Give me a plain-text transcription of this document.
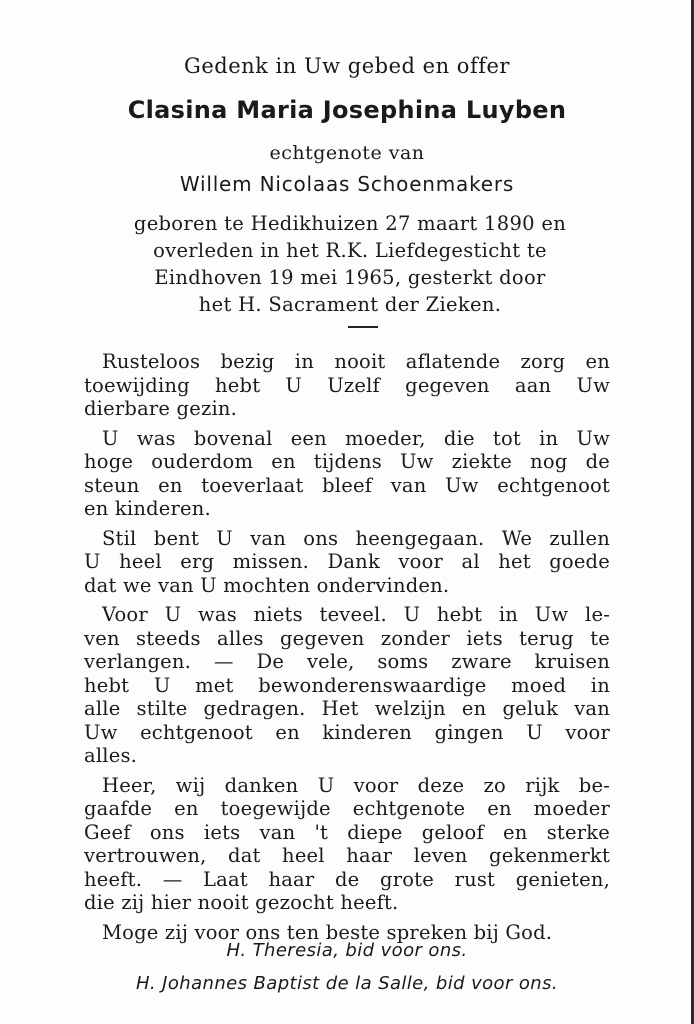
Gedenk in Uw gebed en offer
Clasina Maria Josephina Luyben
echtgenote van
Willem Nicolaas Schoenmakers
geboren te Hedikhuizen 27 maart 1890 en
overleden in het R.K. Liefdegesticht te
Eindhoven 19 mei 1965, gesterkt door
het H. Sacrament der Zieken.
Rusteloos bezig in nooit aflatende zorg en
toewijding hebt U Uzelf gegeven aan Uw
dierbare gezin.
U was bovenal een moeder, die tot in Uw
hoge ouderdom en tijdens Uw ziekte nog de
steun en toeverlaat bleef van Uw echtgenoot
en kinderen.
Stil bent U van ons heengegaan. We zullen
U heel erg missen. Dank voor al het goede
dat we van U mochten ondervinden.
Voor U was niets teveel. U hebt in Uw le-
ven steeds alles gegeven zonder iets terug te
verlangen. — De vele, soms zware kruisen
hebt U met bewonderenswaardige moed in
alle stilte gedragen. Het welzijn en geluk van
Uw echtgenoot en kinderen gingen U voor
alles.
Heer, wij danken U voor deze zo rijk be-
gaafde en toegewijde echtgenote en moeder
Geef ons iets van 't diepe geloof en sterke
vertrouwen, dat heel haar leven gekenmerkt
heeft. — Laat haar de grote rust genieten,
die zij hier nooit gezocht heeft.
Moge zij voor ons ten beste spreken bij God.
H. Theresia, bid voor ons.
H. Johannes Baptist de la Salle, bid voor ons.
